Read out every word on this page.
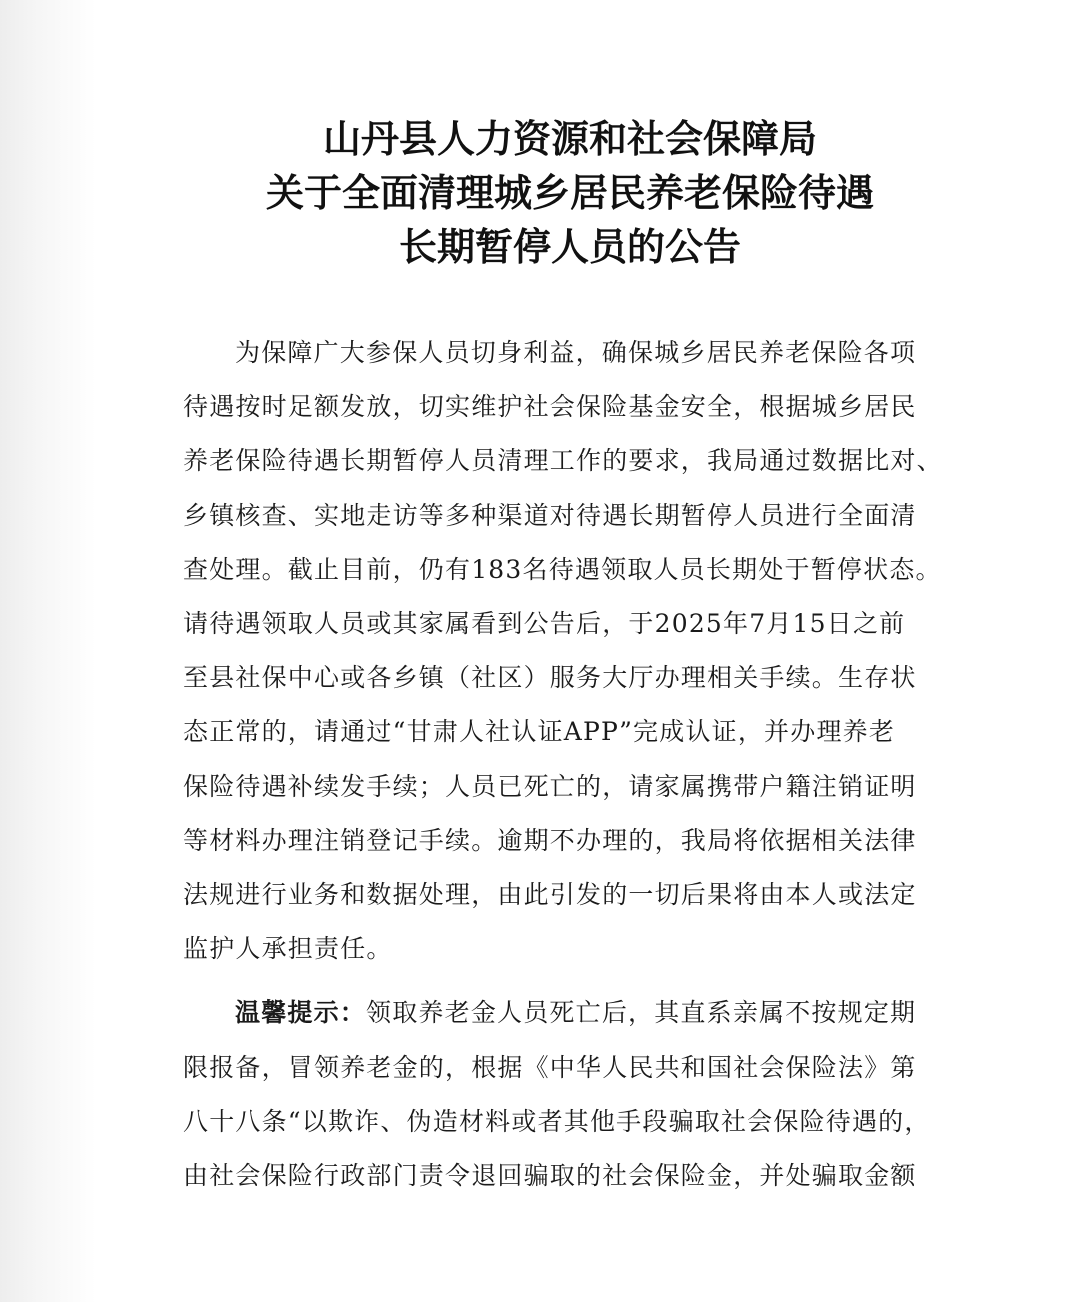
山丹县人力资源和社会保障局
关于全面清理城乡居民养老保险待遇
长期暂停人员的公告
为保障广大参保人员切身利益，确保城乡居民养老保险各项
待遇按时足额发放，切实维护社会保险基金安全，根据城乡居民
养老保险待遇长期暂停人员清理工作的要求，我局通过数据比对、
乡镇核查、实地走访等多种渠道对待遇长期暂停人员进行全面清
查处理。截止目前，仍有183名待遇领取人员长期处于暂停状态。
请待遇领取人员或其家属看到公告后，于2025年7月15日之前
至县社保中心或各乡镇（社区）服务大厅办理相关手续。生存状
态正常的，请通过“甘肃人社认证APP”完成认证，并办理养老
保险待遇补续发手续；人员已死亡的，请家属携带户籍注销证明
等材料办理注销登记手续。逾期不办理的，我局将依据相关法律
法规进行业务和数据处理，由此引发的一切后果将由本人或法定
监护人承担责任。
温馨提示：领取养老金人员死亡后，其直系亲属不按规定期
限报备，冒领养老金的，根据《中华人民共和国社会保险法》第
八十八条“以欺诈、伪造材料或者其他手段骗取社会保险待遇的，
由社会保险行政部门责令退回骗取的社会保险金，并处骗取金额
